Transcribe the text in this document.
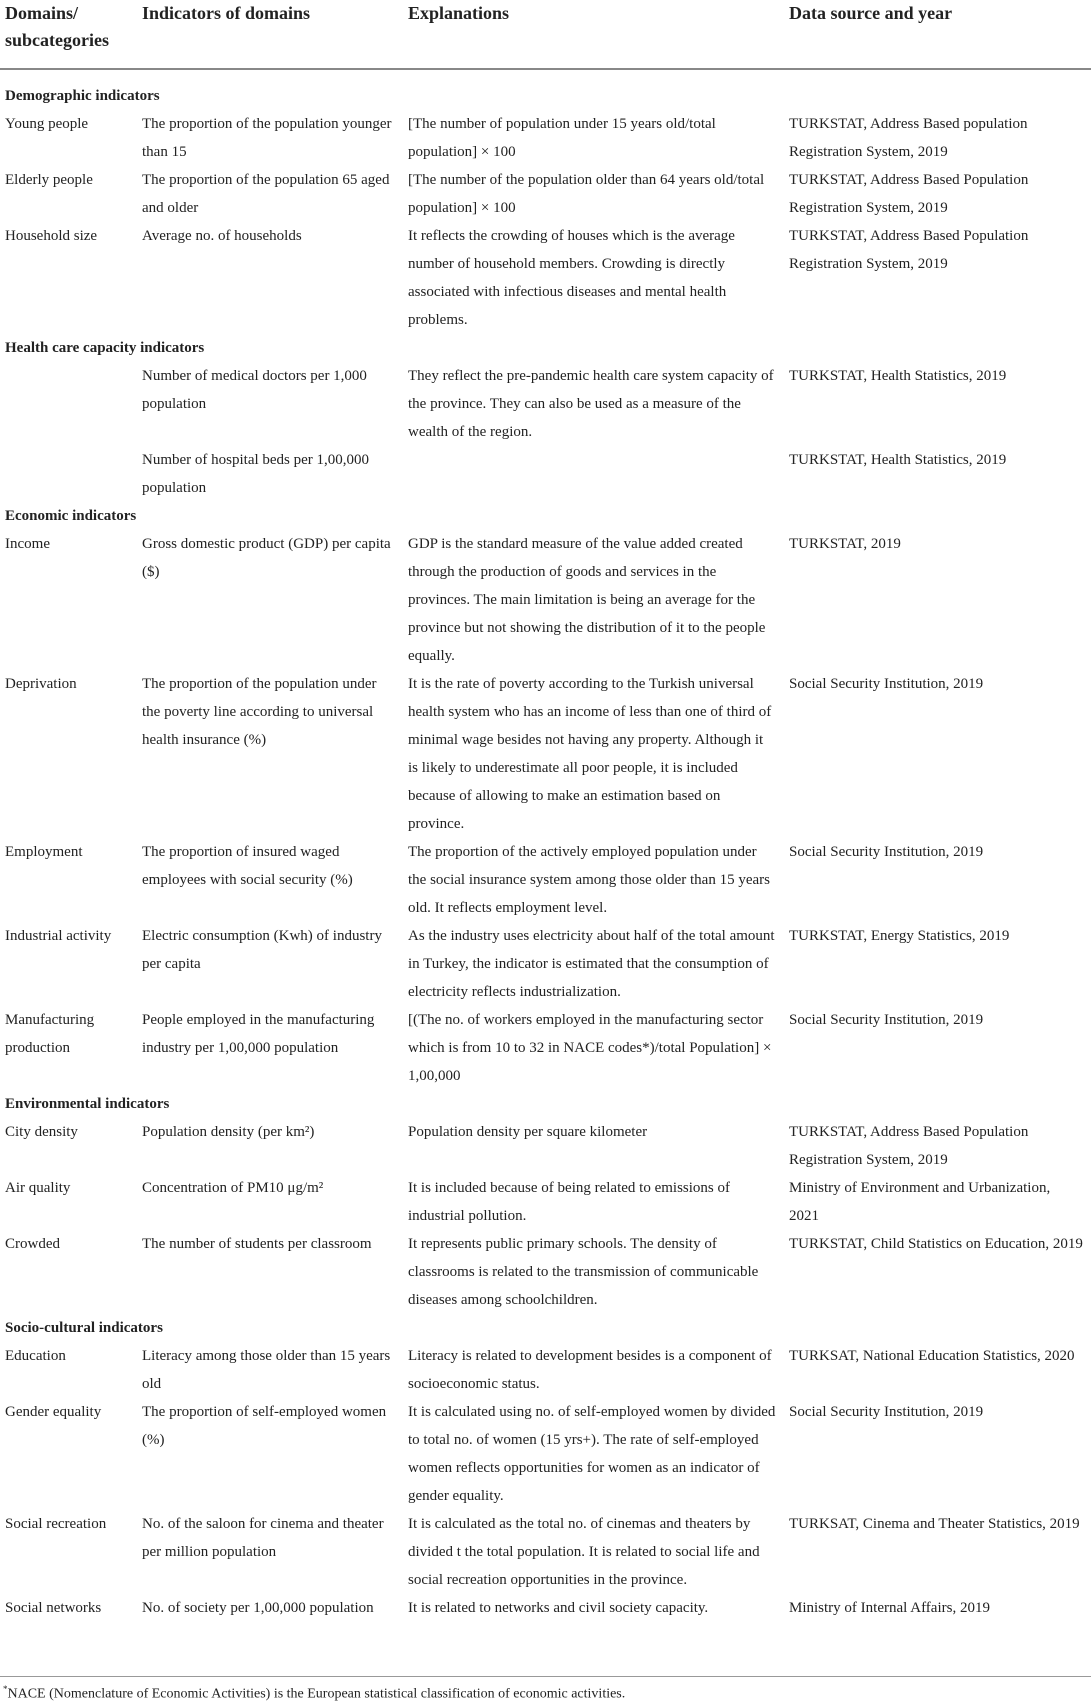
Domains/ subcategories	Indicators of domains	Explanations	Data source and year
Demographic indicators			
Young people	The proportion of the population younger than 15	[The number of population under 15 years old/total population] × 100	TURKSTAT, Address Based population Registration System, 2019
Elderly people	The proportion of the population 65 aged and older	[The number of the population older than 64 years old/total population] × 100	TURKSTAT, Address Based Population Registration System, 2019
Household size	Average no. of households	It reflects the crowding of houses which is the average number of household members. Crowding is directly associated with infectious diseases and mental health problems.	TURKSTAT, Address Based Population Registration System, 2019
Health care capacity indicators			
	Number of medical doctors per 1,000 population	They reflect the pre-pandemic health care system capacity of the province. They can also be used as a measure of the wealth of the region.	TURKSTAT, Health Statistics, 2019
	Number of hospital beds per 1,00,000 population		TURKSTAT, Health Statistics, 2019
Economic indicators			
Income	Gross domestic product (GDP) per capita ($)	GDP is the standard measure of the value added created through the production of goods and services in the provinces. The main limitation is being an average for the province but not showing the distribution of it to the people equally.	TURKSTAT, 2019
Deprivation	The proportion of the population under the poverty line according to universal health insurance (%)	It is the rate of poverty according to the Turkish universal health system who has an income of less than one of third of minimal wage besides not having any property. Although it is likely to underestimate all poor people, it is included because of allowing to make an estimation based on province.	Social Security Institution, 2019
Employment	The proportion of insured waged employees with social security (%)	The proportion of the actively employed population under the social insurance system among those older than 15 years old. It reflects employment level.	Social Security Institution, 2019
Industrial activity	Electric consumption (Kwh) of industry per capita	As the industry uses electricity about half of the total amount in Turkey, the indicator is estimated that the consumption of electricity reflects industrialization.	TURKSTAT, Energy Statistics, 2019
Manufacturing production	People employed in the manufacturing industry per 1,00,000 population	[(The no. of workers employed in the manufacturing sector which is from 10 to 32 in NACE codes*)/total Population] × 1,00,000	Social Security Institution, 2019
Environmental indicators			
City density	Population density (per km²)	Population density per square kilometer	TURKSTAT, Address Based Population Registration System, 2019
Air quality	Concentration of PM10 μg/m²	It is included because of being related to emissions of industrial pollution.	Ministry of Environment and Urbanization, 2021
Crowded	The number of students per classroom	It represents public primary schools. The density of classrooms is related to the transmission of communicable diseases among schoolchildren.	TURKSTAT, Child Statistics on Education, 2019
Socio-cultural indicators			
Education	Literacy among those older than 15 years old	Literacy is related to development besides is a component of socioeconomic status.	TURKSAT, National Education Statistics, 2020
Gender equality	The proportion of self-employed women (%)	It is calculated using no. of self-employed women by divided to total no. of women (15 yrs+). The rate of self-employed women reflects opportunities for women as an indicator of gender equality.	Social Security Institution, 2019
Social recreation	No. of the saloon for cinema and theater per million population	It is calculated as the total no. of cinemas and theaters by divided t the total population. It is related to social life and social recreation opportunities in the province.	TURKSAT, Cinema and Theater Statistics, 2019
Social networks	No. of society per 1,00,000 population	It is related to networks and civil society capacity.	Ministry of Internal Affairs, 2019
*NACE (Nomenclature of Economic Activities) is the European statistical classification of economic activities.
